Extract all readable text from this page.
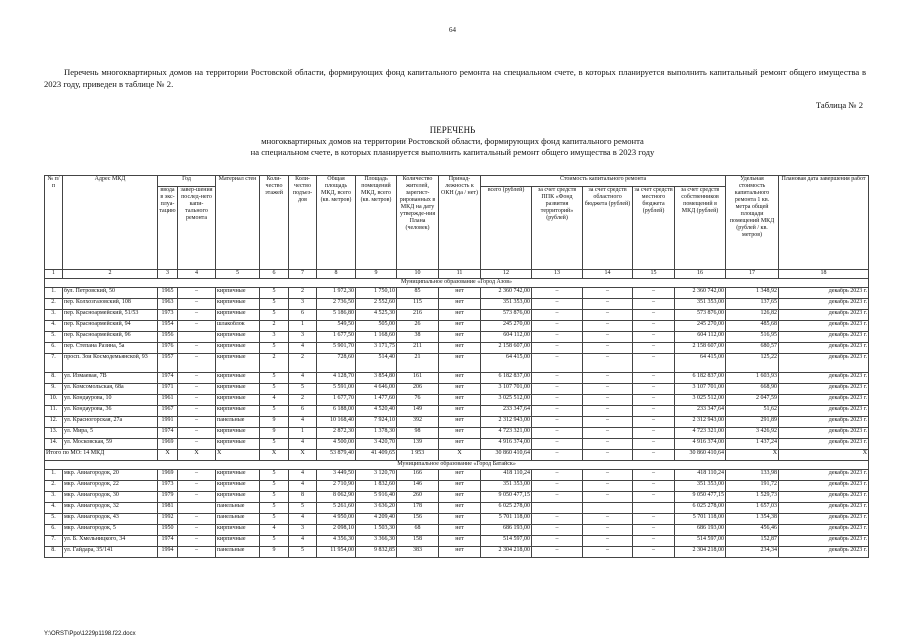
64
Перечень многоквартирных домов на территории Ростовской области, формирующих фонд капитального ремонта на специальном счете, в которых планируется выполнить капитальный ремонт общего имущества в 2023 году, приведен в таблице № 2.
Таблица № 2
ПЕРЕЧЕНЬ
многоквартирных домов на территории Ростовской области, формирующих фонд капитального ремонта
на специальном счете, в которых планируется выполнить капитальный ремонт общего имущества в 2023 году
№ п/п	Адрес МКД	Год		Материал стен	Коли-чество этажей	Коли-чество подъез-дов	Общая площадь МКД, всего (кв. метров)	Площадь помещений МКД, всего (кв. метров)	Количество жителей, зарегист-рированных в МКД на дату утвержде-ния Плана (человек)	Принад-лежность к ОКН (да / нет)	Стоимость капитального ремонта					Удельная стоимость капитального ремонта 1 кв. метра общей площади помещений МКД (рублей / кв. метров)	Плановая дата завершения работ
		ввода в экс-плуа-тацию	завер-шения послед-него капи-тального ремонта								всего (рублей)	за счет средств ППК «Фонд развития территорий» (рублей)	за счет средств областного бюджета (рублей)	за счет средств местного бюджета (рублей)	за счет средств собственников помещений в МКД (рублей)		
1	2	3	4	5	6	7	8	9	10	11	12	13	14	15	16	17	18
Муниципальное образование «Город Азов»																	
1.	бул. Петровский, 50	1965	–	кирпичные	5	2	1 972,30	1 750,10	85	нет	2 360 742,00	–	–	–	2 360 742,00	1 348,92	декабрь 2023 г.
2.	пер. Колхозгазовский, 108	1963	–	кирпичные	5	3	2 736,50	2 552,60	115	нет	351 353,00	–	–	–	351 353,00	137,65	декабрь 2023 г.
3.	пер. Красноармейский, 51/53	1973	–	кирпичные	5	6	5 186,80	4 525,30	216	нет	573 876,00	–	–	–	573 876,00	126,82	декабрь 2023 г.
4.	пер. Красноармейский, 94	1954	–	шлакоблок	2	1	549,50	505,00	26	нет	245 270,00	–	–	–	245 270,00	485,68	декабрь 2023 г.
5.	пер. Красноармейский, 96	1956		кирпичные	3	3	1 677,50	1 168,60	38	нет	604 112,00	–	–	–	604 112,00	516,95	декабрь 2023 г.
6.	пер. Степана Разина, 5а	1976	–	кирпичные	5	4	5 901,70	3 171,75	211	нет	2 158 607,00	–	–	–	2 158 607,00	680,57	декабрь 2023 г.
7.	просп. Зои Космодемьянской, 93	1957	–	кирпичные	2	2	728,60	514,40	21	нет	64 415,00	–	–	–	64 415,00	125,22	декабрь 2023 г.
8.	ул. Измаевая, 7В	1974	–	кирпичные	5	4	4 128,70	3 854,80	161	нет	6 182 837,00	–	–	–	6 182 837,00	1 603,93	декабрь 2023 г.
9.	ул. Комсомольская, 68а	1971	–	кирпичные	5	5	5 591,00	4 646,00	206	нет	3 107 701,00	–	–	–	3 107 701,00	668,90	декабрь 2023 г.
10.	ул. Кондаурова, 10	1961	–	кирпичные	4	2	1 677,70	1 477,60	76	нет	3 025 512,00	–	–	–	3 025 512,00	2 047,59	декабрь 2023 г.
11.	ул. Кондаурова, 36	1967	–	кирпичные	5	6	6 188,00	4 520,40	149	нет	233 347,64	–	–	–	233 347,64	51,62	декабрь 2023 г.
12.	ул. Красногорская, 27а	1991	–	панельные	9	4	10 168,40	7 924,10	392	нет	2 312 943,00	–	–	–	2 312 943,00	291,89	декабрь 2023 г.
13.	ул. Мира, 5	1974	–	кирпичные	9	1	2 872,30	1 378,30	98	нет	4 723 321,00	–	–	–	4 723 321,00	3 426,92	декабрь 2023 г.
14.	ул. Московская, 59	1969	–	кирпичные	5	4	4 500,00	3 420,70	139	нет	4 916 374,00	–	–	–	4 916 374,00	1 437,24	декабрь 2023 г.
Итого по МО: 14 МКД		X	X	X	X	X	53 879,40	41 409,65	1 953	X	30 860 410,64	–	–	–	30 860 410,64	X	X
Муниципальное образование «Город Батайск»																	
1.	мкр. Авиагородок, 20	1969	–	кирпичные	5	4	3 449,50	3 120,70	166	нет	418 110,24	–	–	–	418 110,24	133,98	декабрь 2023 г.
2.	мкр. Авиагородок, 22	1973	–	кирпичные	5	4	2 710,90	1 832,60	146	нет	351 353,00	–	–	–	351 353,00	191,72	декабрь 2023 г.
3.	мкр. Авиагородок, 30	1979	–	кирпичные	5	8	8 062,90	5 916,40	260	нет	9 050 477,15	–	–	–	9 050 477,15	1 529,73	декабрь 2023 г.
4.	мкр. Авиагородок, 32	1981		панельные	5	5	5 261,60	3 636,20	178	нет	6 025 278,00				6 025 278,00	1 657,03	декабрь 2023 г.
5.	мкр. Авиагородок, 43	1992	–	панельные	5	4	4 950,00	4 209,40	156	нет	5 701 118,00	–	–	–	5 701 118,00	1 354,38	декабрь 2023 г.
6.	мкр. Авиагородок, 5	1950	–	кирпичные	4	3	2 098,10	1 503,30	68	нет	686 193,00	–	–	–	686 193,00	456,46	декабрь 2023 г.
7.	ул. Б. Хмельницкого, 34	1974	–	кирпичные	5	4	4 356,30	3 366,30	158	нет	514 597,00	–	–	–	514 597,00	152,87	декабрь 2023 г.
8.	ул. Гайдара, 35/141	1994	–	панельные	9	5	11 954,00	9 832,85	383	нет	2 304 218,00	–	–	–	2 304 218,00	234,34	декабрь 2023 г.
Y:\ORST\Ppo\1229p1198.f22.docx
